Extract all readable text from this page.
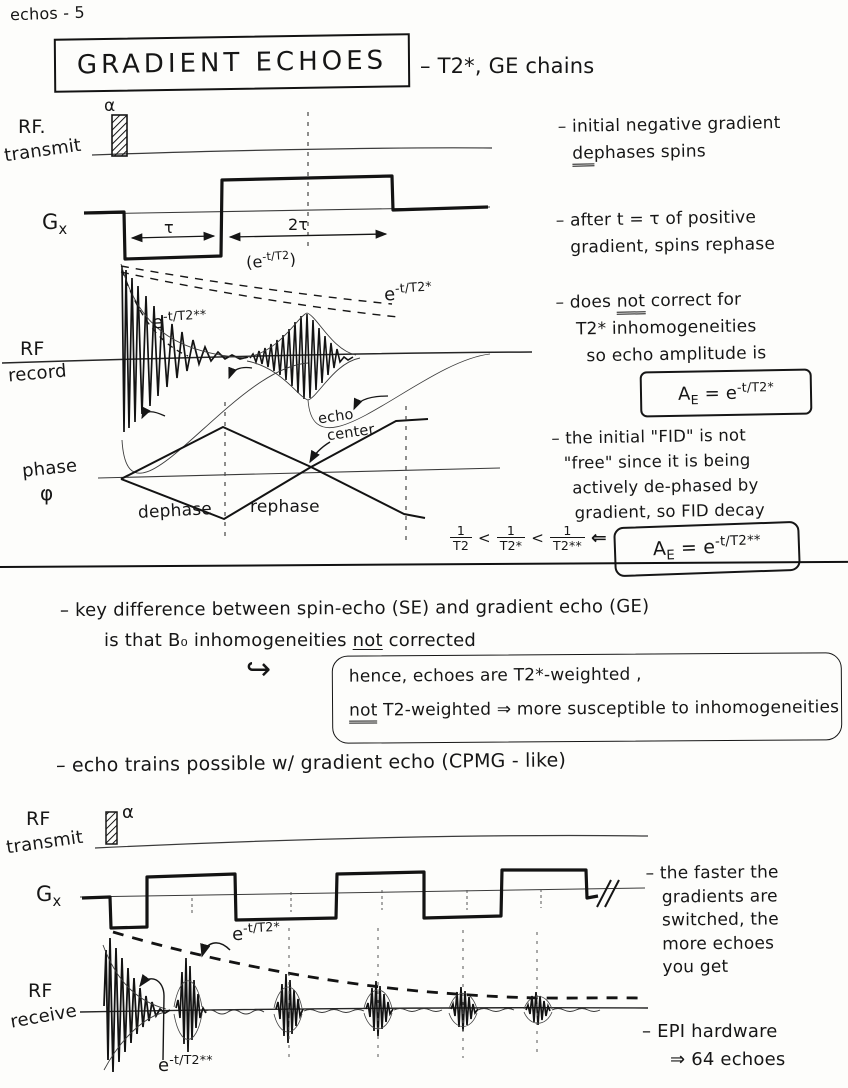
echos - 5
GRADIENT ECHOES – T2*, GE chains
RF.
transmit
α
$G_x$	τ	2τ
$(e^{-t/T2})$
$e^{-t/T2*}$
$e^{-t/T2**}$
RF
record
phase
φ
echo
center
dephase rephase
– initial negative gradient
dephases spins
– after t = τ of positive
gradient, spins rephase
– does not correct for
T2* inhomogeneities
so echo amplitude is
$A_E = e^{-t/T2*}$
– the initial "FID" is not
"free" since it is being
actively de-phased by
gradient, so FID decay
$\frac{1}{T2} < \frac{1}{T2*} < \frac{1}{T2**}$ ⇐
$A_E = e^{-t/T2**}$
– key difference between spin-echo (SE) and gradient echo (GE)
is that B₀ inhomogeneities not corrected
↪	hence, echoes are T2*-weighted ,
not T2-weighted ⇒ more susceptible to inhomogeneities
– echo trains possible w/ gradient echo (CPMG - like)
RF
transmit
α
$G_x$
$e^{-t/T2*}$
RF
receive
$e^{-t/T2**}$
– the faster the
gradients are
switched, the
more echoes
you get
– EPI hardware
⇒ 64 echoes
